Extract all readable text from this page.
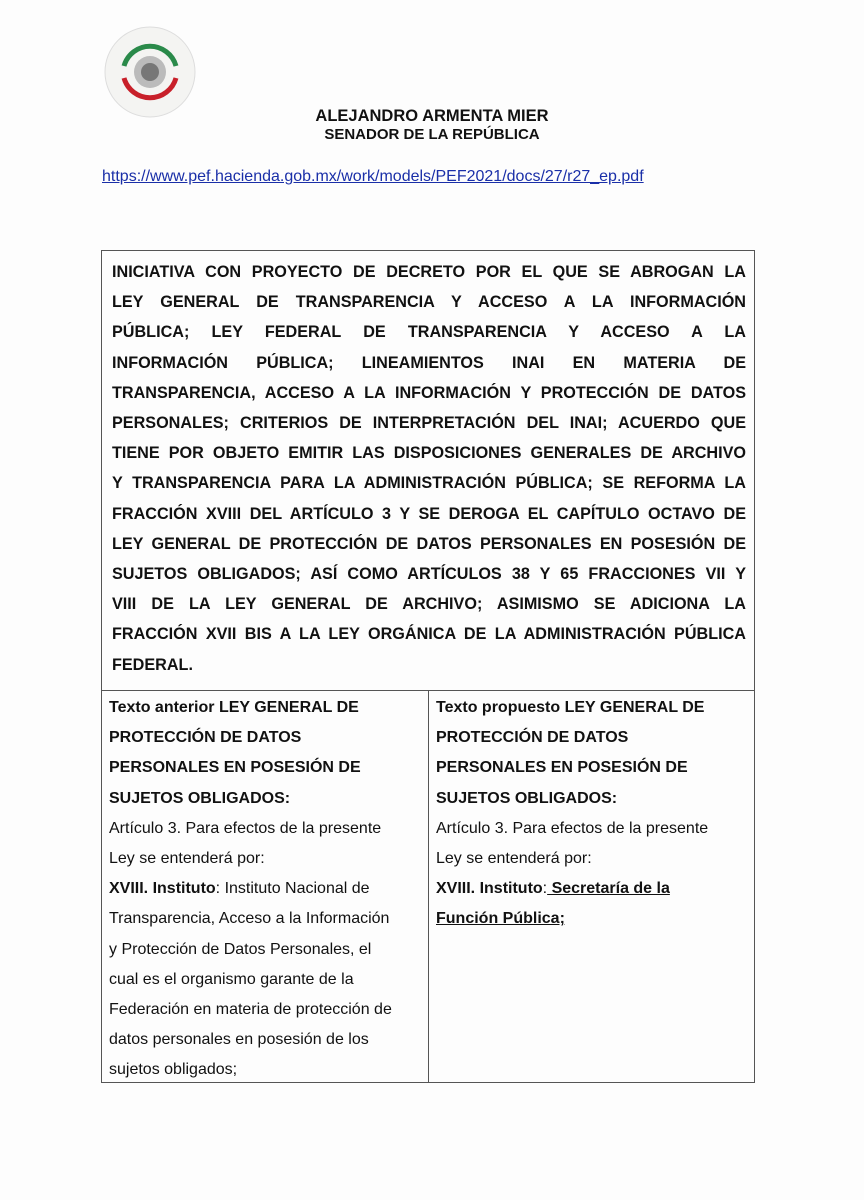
ALEJANDRO ARMENTA MIER
SENADOR DE LA REPÚBLICA
https://www.pef.hacienda.gob.mx/work/models/PEF2021/docs/27/r27_ep.pdf
INICIATIVA CON PROYECTO DE DECRETO POR EL QUE SE ABROGAN LA
LEY GENERAL DE TRANSPARENCIA Y ACCESO A LA INFORMACIÓN
PÚBLICA; LEY FEDERAL DE TRANSPARENCIA Y ACCESO A LA
INFORMACIÓN PÚBLICA; LINEAMIENTOS INAI EN MATERIA DE
TRANSPARENCIA, ACCESO A LA INFORMACIÓN Y PROTECCIÓN DE DATOS
PERSONALES; CRITERIOS DE INTERPRETACIÓN DEL INAI; ACUERDO QUE
TIENE POR OBJETO EMITIR LAS DISPOSICIONES GENERALES DE ARCHIVO
Y TRANSPARENCIA PARA LA ADMINISTRACIÓN PÚBLICA; SE REFORMA LA
FRACCIÓN XVIII DEL ARTÍCULO 3 Y SE DEROGA EL CAPÍTULO OCTAVO DE
LEY GENERAL DE PROTECCIÓN DE DATOS PERSONALES EN POSESIÓN DE
SUJETOS OBLIGADOS; ASÍ COMO ARTÍCULOS 38 Y 65 FRACCIONES VII Y
VIII DE LA LEY GENERAL DE ARCHIVO; ASIMISMO SE ADICIONA LA
FRACCIÓN XVII BIS A LA LEY ORGÁNICA DE LA ADMINISTRACIÓN PÚBLICA
FEDERAL.
Texto anterior LEY GENERAL DE
PROTECCIÓN DE DATOS
PERSONALES EN POSESIÓN DE
SUJETOS OBLIGADOS:
Artículo 3. Para efectos de la presente
Ley se entenderá por:
XVIII. Instituto: Instituto Nacional de
Transparencia, Acceso a la Información
y Protección de Datos Personales, el
cual es el organismo garante de la
Federación en materia de protección de
datos personales en posesión de los
sujetos obligados;
Texto propuesto LEY GENERAL DE
PROTECCIÓN DE DATOS
PERSONALES EN POSESIÓN DE
SUJETOS OBLIGADOS:
Artículo 3. Para efectos de la presente
Ley se entenderá por:
XVIII. Instituto: Secretaría de la
Función Pública;
